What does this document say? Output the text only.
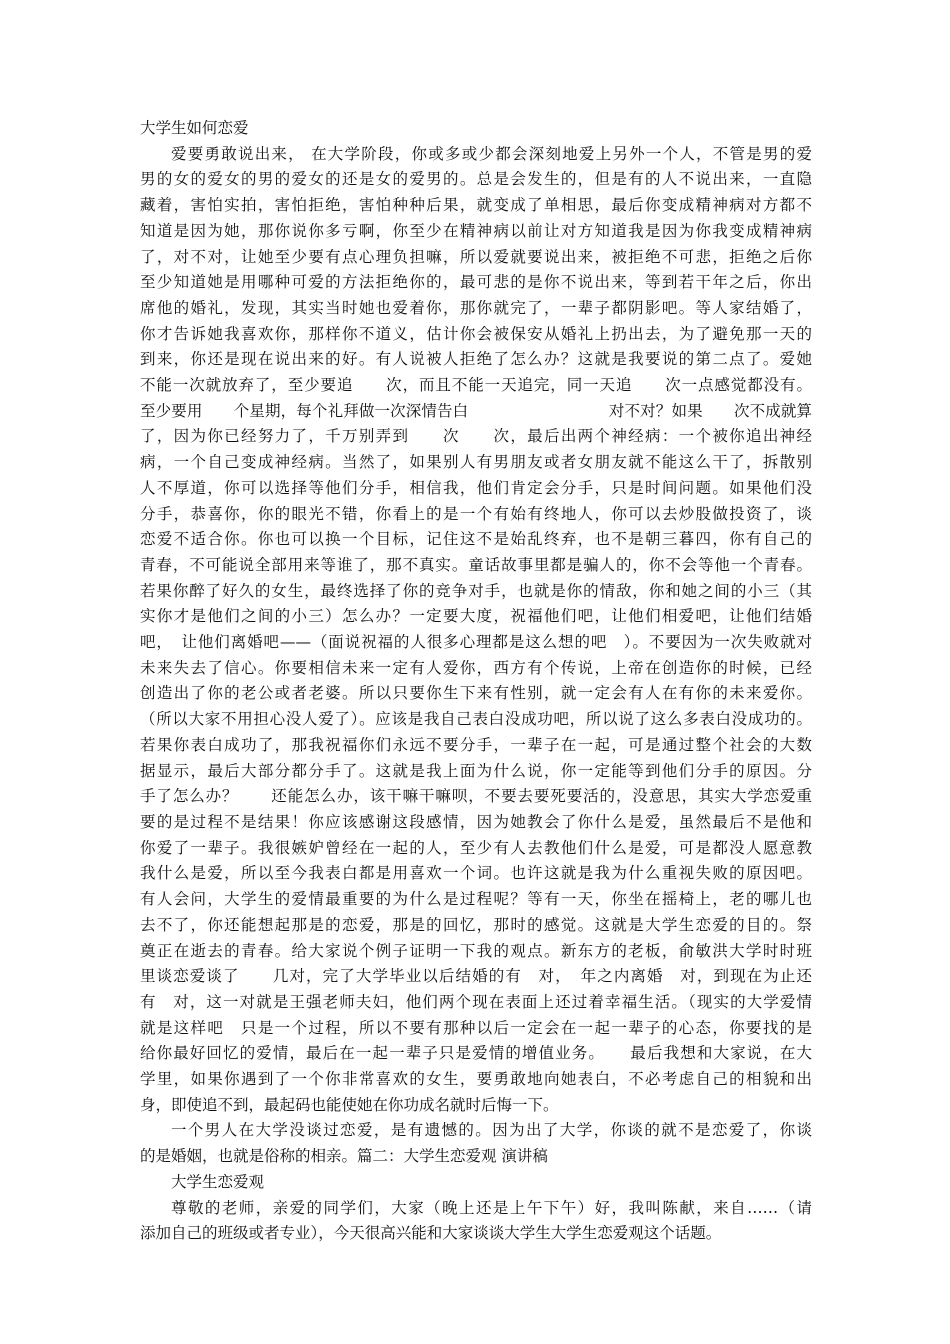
大学生如何恋爱

爱要勇敢说出来， 在大学阶段，你或多或少都会深刻地爱上另外一个人，不管是男的爱

男的女的爱女的男的爱女的还是女的爱男的。总是会发生的，但是有的人不说出来，一直隐

藏着，害怕实拍，害怕拒绝，害怕种种后果，就变成了单相思，最后你变成精神病对方都不

知道是因为她，那你说你多亏啊，你至少在精神病以前让对方知道我是因为你我变成精神病

了，对不对，让她至少要有点心理负担嘛，所以爱就要说出来，被拒绝不可悲，拒绝之后你

至少知道她是用哪种可爱的方法拒绝你的，最可悲的是你不说出来，等到若干年之后，你出

席他的婚礼，发现，其实当时她也爱着你，那你就完了，一辈子都阴影吧。等人家结婚了，

你才告诉她我喜欢你，那样你不道义，估计你会被保安从婚礼上扔出去，为了避免那一天的

到来，你还是现在说出来的好。有人说被人拒绝了怎么办？这就是我要说的第二点了。爱她

不能一次就放弃了，至少要追　　次，而且不能一天追完，同一天追　　次一点感觉都没有。

至少要用　　个星期，每个礼拜做一次深情告白　　　　　　　　　对不对？如果　　次不成就算

了，因为你已经努力了，千万别弄到　　次　　次，最后出两个神经病：一个被你追出神经

病，一个自己变成神经病。当然了，如果别人有男朋友或者女朋友就不能这么干了，拆散别

人不厚道，你可以选择等他们分手，相信我，他们肯定会分手，只是时间问题。如果他们没

分手，恭喜你，你的眼光不错，你看上的是一个有始有终地人，你可以去炒股做投资了，谈

恋爱不适合你。你也可以换一个目标，记住这不是始乱终弃，也不是朝三暮四，你有自己的

青春，不可能说全部用来等谁了，那不真实。童话故事里都是骗人的，你不会等他一个青春。

若果你醉了好久的女生，最终选择了你的竞争对手，也就是你的情敌，你和她之间的小三（其

实你才是他们之间的小三）怎么办？一定要大度，祝福他们吧，让他们相爱吧，让他们结婚

吧，　让他们离婚吧——（面说祝福的人很多心理都是这么想的吧　）。不要因为一次失败就对

未来失去了信心。你要相信未来一定有人爱你，西方有个传说，上帝在创造你的时候，已经

创造出了你的老公或者老婆。所以只要你生下来有性别，就一定会有人在有你的未来爱你。

（所以大家不用担心没人爱了）。应该是我自己表白没成功吧，所以说了这么多表白没成功的。

若果你表白成功了，那我祝福你们永远不要分手，一辈子在一起，可是通过整个社会的大数

据显示，最后大部分都分手了。这就是我上面为什么说，你一定能等到他们分手的原因。分

手了怎么办？　　还能怎么办，该干嘛干嘛呗，不要去要死要活的，没意思，其实大学恋爱重

要的是过程不是结果！你应该感谢这段感情，因为她教会了你什么是爱，虽然最后不是他和

你爱了一辈子。我很嫉妒曾经在一起的人，至少有人去教他们什么是爱，可是都没人愿意教

我什么是爱，所以至今我表白都是用喜欢一个词。也许这就是我为什么重视失败的原因吧。

有人会问，大学生的爱情最重要的为什么是过程呢？等有一天，你坐在摇椅上，老的哪儿也

去不了，你还能想起那是的恋爱，那是的回忆，那时的感觉。这就是大学生恋爱的目的。祭

奠正在逝去的青春。给大家说个例子证明一下我的观点。新东方的老板，俞敏洪大学时时班

里谈恋爱谈了　　几对，完了大学毕业以后结婚的有　对，　年之内离婚　对，到现在为止还

有　对，这一对就是王强老师夫妇，他们两个现在表面上还过着幸福生活。（现实的大学爱情

就是这样吧　只是一个过程，所以不要有那种以后一定会在一起一辈子的心态，你要找的是

给你最好回忆的爱情，最后在一起一辈子只是爱情的增值业务。　　最后我想和大家说，在大

学里，如果你遇到了一个你非常喜欢的女生，要勇敢地向她表白，不必考虑自己的相貌和出

身，即使追不到，最起码也能使她在你功成名就时后悔一下。

一个男人在大学没谈过恋爱，是有遗憾的。因为出了大学，你谈的就不是恋爱了，你谈

的是婚姻，也就是俗称的相亲。篇二：大学生恋爱观 演讲稿

大学生恋爱观

尊敬的老师，亲爱的同学们，大家（晚上还是上午下午）好，我叫陈献，来自……（请

添加自己的班级或者专业），今天很高兴能和大家谈谈大学生大学生恋爱观这个话题。
